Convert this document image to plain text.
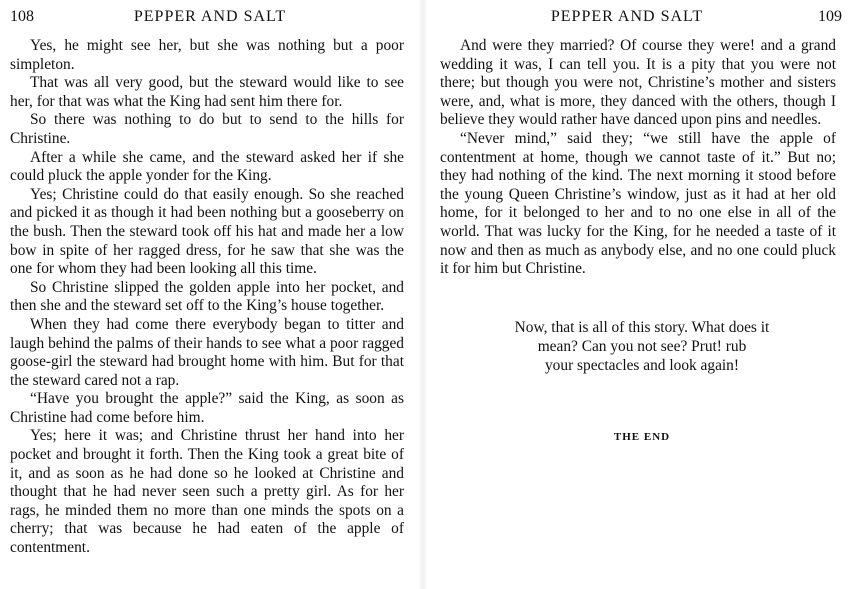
108	PEPPER AND SALT

Yes, he might see her, but she was nothing but a poor simpleton.

That was all very good, but the steward would like to see her, for that was what the King had sent him there for.

So there was nothing to do but to send to the hills for Christine.

After a while she came, and the steward asked her if she could pluck the apple yonder for the King.

Yes; Christine could do that easily enough. So she reached and picked it as though it had been nothing but a gooseberry on the bush. Then the steward took off his hat and made her a low bow in spite of her ragged dress, for he saw that she was the one for whom they had been looking all this time.

So Christine slipped the golden apple into her pocket, and then she and the steward set off to the King’s house together.

When they had come there everybody began to titter and laugh behind the palms of their hands to see what a poor ragged goose-girl the steward had brought home with him. But for that the steward cared not a rap.

“Have you brought the apple?” said the King, as soon as Christine had come before him.

Yes; here it was; and Christine thrust her hand into her pocket and brought it forth. Then the King took a great bite of it, and as soon as he had done so he looked at Christine and thought that he had never seen such a pretty girl. As for her rags, he minded them no more than one minds the spots on a cherry; that was because he had eaten of the apple of contentment.

PEPPER AND SALT	109

And were they married? Of course they were! and a grand wedding it was, I can tell you. It is a pity that you were not there; but though you were not, Christine’s mother and sisters were, and, what is more, they danced with the others, though I believe they would rather have danced upon pins and needles.

“Never mind,” said they; “we still have the apple of contentment at home, though we cannot taste of it.” But no; they had nothing of the kind. The next morning it stood before the young Queen Christine’s window, just as it had at her old home, for it belonged to her and to no one else in all of the world. That was lucky for the King, for he needed a taste of it now and then as much as anybody else, and no one could pluck it for him but Christine.

Now, that is all of this story. What does it
mean? Can you not see? Prut! rub
your spectacles and look again!
THE END
